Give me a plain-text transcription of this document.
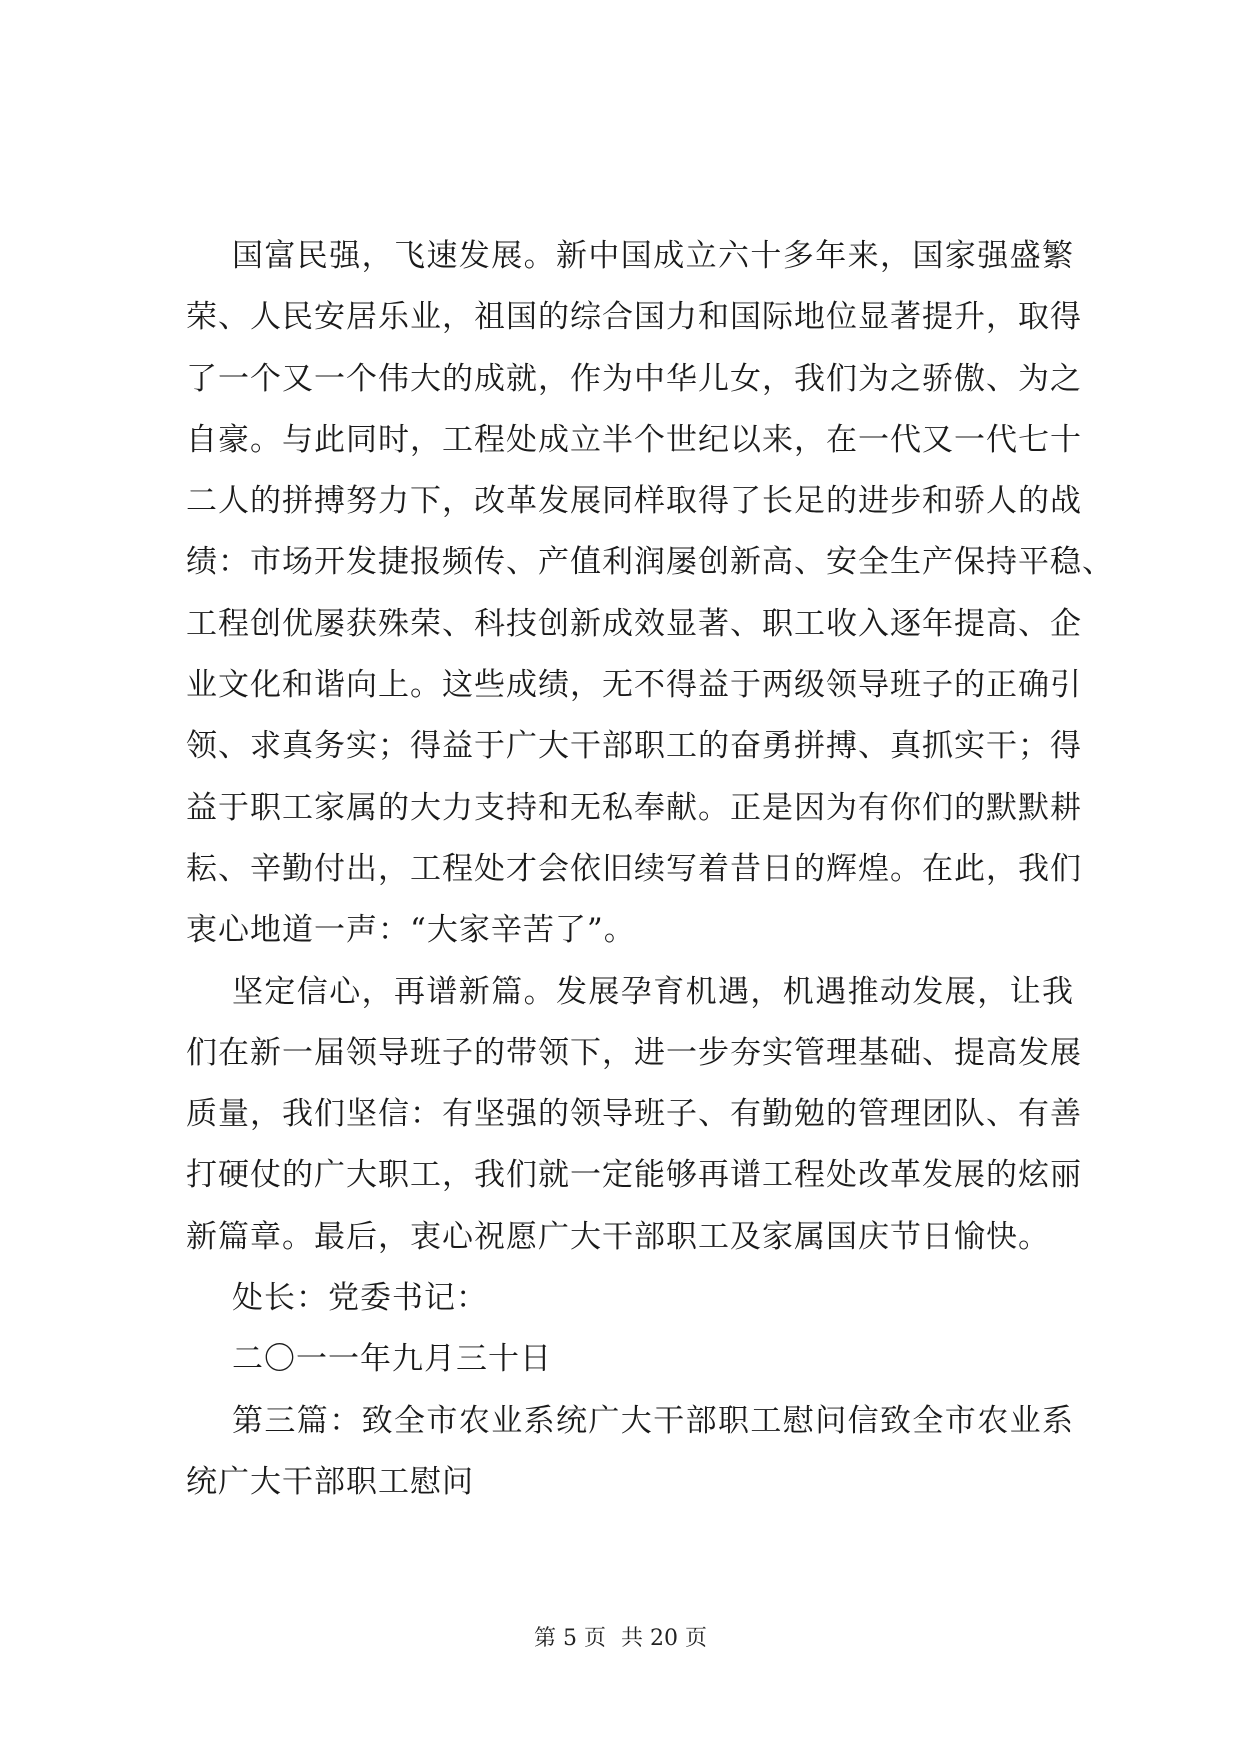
国富民强，飞速发展。新中国成立六十多年来，国家强盛繁
荣、人民安居乐业，祖国的综合国力和国际地位显著提升，取得
了一个又一个伟大的成就，作为中华儿女，我们为之骄傲、为之
自豪。与此同时，工程处成立半个世纪以来，在一代又一代七十
二人的拼搏努力下，改革发展同样取得了长足的进步和骄人的战
绩：市场开发捷报频传、产值利润屡创新高、安全生产保持平稳、
工程创优屡获殊荣、科技创新成效显著、职工收入逐年提高、企
业文化和谐向上。这些成绩，无不得益于两级领导班子的正确引
领、求真务实；得益于广大干部职工的奋勇拼搏、真抓实干；得
益于职工家属的大力支持和无私奉献。正是因为有你们的默默耕
耘、辛勤付出，工程处才会依旧续写着昔日的辉煌。在此，我们
衷心地道一声：“大家辛苦了”。
坚定信心，再谱新篇。发展孕育机遇，机遇推动发展，让我
们在新一届领导班子的带领下，进一步夯实管理基础、提高发展
质量，我们坚信：有坚强的领导班子、有勤勉的管理团队、有善
打硬仗的广大职工，我们就一定能够再谱工程处改革发展的炫丽
新篇章。最后，衷心祝愿广大干部职工及家属国庆节日愉快。
处长：党委书记：
二〇一一年九月三十日
第三篇：致全市农业系统广大干部职工慰问信致全市农业系
统广大干部职工慰问
第 5 页 共 20 页
